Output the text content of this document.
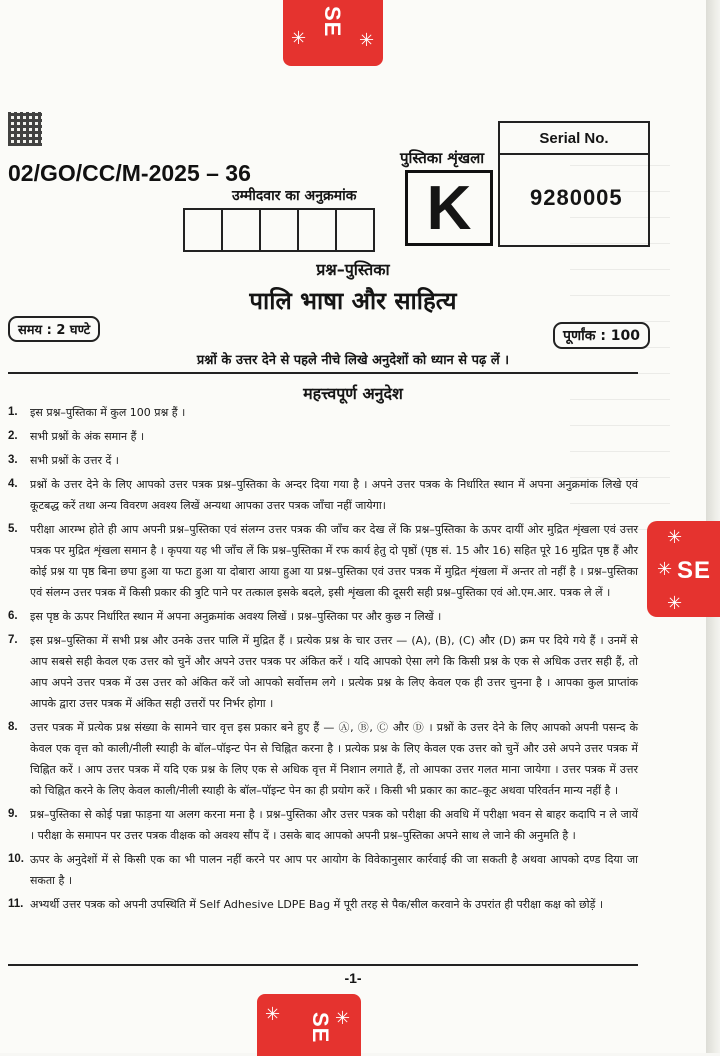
✳	✳
SE
02/GO/CC/M-2025 – 36
पुस्तिका शृंखला
K
Serial No.
9280005
उम्मीदवार का अनुक्रमांक
प्रश्न–पुस्तिका
पालि भाषा और साहित्य
समय : 2 घण्टे	पूर्णांक : 100
प्रश्नों के उत्तर देने से पहले नीचे लिखे अनुदेशों को ध्यान से पढ़ लें ।
महत्त्वपूर्ण अनुदेश
1. इस प्रश्न–पुस्तिका में कुल 100 प्रश्न हैं ।
2. सभी प्रश्नों के अंक समान हैं ।
3. सभी प्रश्नों के उत्तर दें ।
4. प्रश्नों के उत्तर देने के लिए आपको उत्तर पत्रक प्रश्न–पुस्तिका के अन्दर दिया गया है । अपने उत्तर पत्रक के निर्धारित स्थान में अपना अनुक्रमांक लिखे एवं कूटबद्ध करें तथा अन्य विवरण अवश्य लिखें अन्यथा आपका उत्तर पत्रक जाँचा नहीं जायेगा।
5. परीक्षा आरम्भ होते ही आप अपनी प्रश्न–पुस्तिका एवं संलग्न उत्तर पत्रक की जाँच कर देख लें कि प्रश्न–पुस्तिका के ऊपर दायीं ओर मुद्रित शृंखला एवं उत्तर पत्रक पर मुद्रित शृंखला समान है । कृपया यह भी जाँच लें कि प्रश्न–पुस्तिका में रफ कार्य हेतु दो पृष्ठों (पृष्ठ सं. 15 और 16) सहित पूरे 16 मुद्रित पृष्ठ हैं और कोई प्रश्न या पृष्ठ बिना छपा हुआ या फटा हुआ या दोबारा आया हुआ या प्रश्न–पुस्तिका एवं उत्तर पत्रक में मुद्रित शृंखला में अन्तर तो नहीं है । प्रश्न–पुस्तिका एवं संलग्न उत्तर पत्रक में किसी प्रकार की त्रुटि पाने पर तत्काल इसके बदले, इसी शृंखला की दूसरी सही प्रश्न–पुस्तिका एवं ओ.एम.आर. पत्रक ले लें ।
6. इस पृष्ठ के ऊपर निर्धारित स्थान में अपना अनुक्रमांक अवश्य लिखें । प्रश्न–पुस्तिका पर और कुछ न लिखें ।
7. इस प्रश्न–पुस्तिका में सभी प्रश्न और उनके उत्तर पालि में मुद्रित हैं । प्रत्येक प्रश्न के चार उत्तर — (A), (B), (C) और (D) क्रम पर दिये गये हैं । उनमें से आप सबसे सही केवल एक उत्तर को चुनें और अपने उत्तर पत्रक पर अंकित करें । यदि आपको ऐसा लगे कि किसी प्रश्न के एक से अधिक उत्तर सही हैं, तो आप अपने उत्तर पत्रक में उस उत्तर को अंकित करें जो आपको सर्वोत्तम लगे । प्रत्येक प्रश्न के लिए केवल एक ही उत्तर चुनना है । आपका कुल प्राप्तांक आपके द्वारा उत्तर पत्रक में अंकित सही उत्तरों पर निर्भर होगा ।
8. उत्तर पत्रक में प्रत्येक प्रश्न संख्या के सामने चार वृत्त इस प्रकार बने हुए हैं — Ⓐ, Ⓑ, Ⓒ और Ⓓ । प्रश्नों के उत्तर देने के लिए आपको अपनी पसन्द के केवल एक वृत्त को काली/नीली स्याही के बॉल–पॉइन्ट पेन से चिह्नित करना है । प्रत्येक प्रश्न के लिए केवल एक उत्तर को चुनें और उसे अपने उत्तर पत्रक में चिह्नित करें । आप उत्तर पत्रक में यदि एक प्रश्न के लिए एक से अधिक वृत्त में निशान लगाते हैं, तो आपका उत्तर गलत माना जायेगा । उत्तर पत्रक में उत्तर को चिह्नित करने के लिए केवल काली/नीली स्याही के बॉल–पॉइन्ट पेन का ही प्रयोग करें । किसी भी प्रकार का काट–कूट अथवा परिवर्तन मान्य नहीं है ।
9. प्रश्न–पुस्तिका से कोई पन्ना फाड़ना या अलग करना मना है । प्रश्न–पुस्तिका और उत्तर पत्रक को परीक्षा की अवधि में परीक्षा भवन से बाहर कदापि न ले जायें । परीक्षा के समापन पर उत्तर पत्रक वीक्षक को अवश्य सौंप दें । उसके बाद आपको अपनी प्रश्न–पुस्तिका अपने साथ ले जाने की अनुमति है ।
10. ऊपर के अनुदेशों में से किसी एक का भी पालन नहीं करने पर आप पर आयोग के विवेकानुसार कार्रवाई की जा सकती है अथवा आपको दण्ड दिया जा सकता है ।
11. अभ्यर्थी उत्तर पत्रक को अपनी उपस्थिति में Self Adhesive LDPE Bag में पूरी तरह से पैक/सील करवाने के उपरांत ही परीक्षा कक्ष को छोड़ें ।
-1-
✳	✳
SE
✳
✳
✳
SE
